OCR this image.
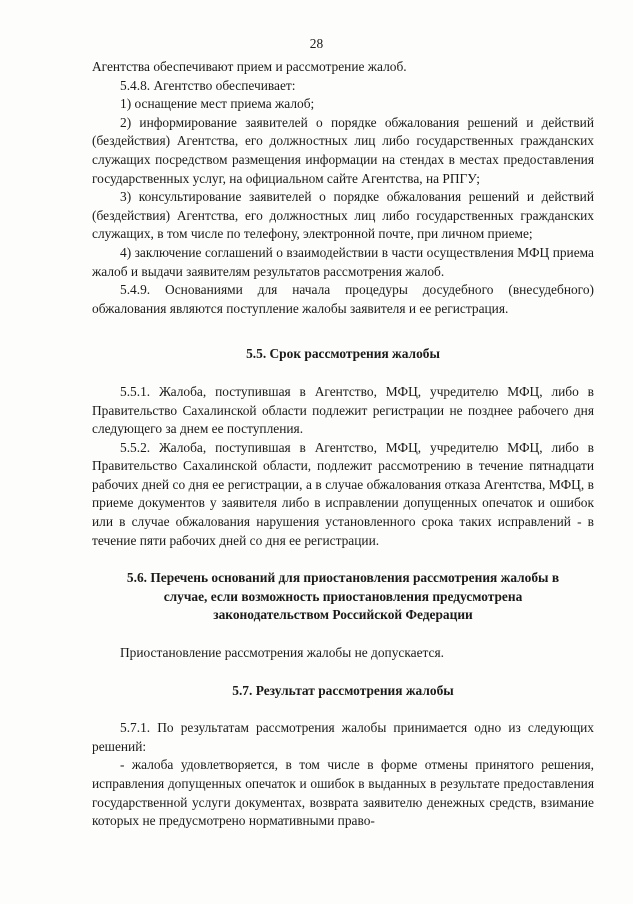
28

Агентства обеспечивают прием и рассмотрение жалоб.

5.4.8. Агентство обеспечивает:

1) оснащение мест приема жалоб;

2) информирование заявителей о порядке обжалования решений и действий (бездействия) Агентства, его должностных лиц либо государственных гражданских служащих посредством размещения информации на стендах в местах предоставления государственных услуг, на официальном сайте Агентства, на РПГУ;

3) консультирование заявителей о порядке обжалования решений и действий (бездействия) Агентства, его должностных лиц либо государственных гражданских служащих, в том числе по телефону, электронной почте, при личном приеме;

4) заключение соглашений о взаимодействии в части осуществления МФЦ приема жалоб и выдачи заявителям результатов рассмотрения жалоб.

5.4.9. Основаниями для начала процедуры досудебного (внесудебного) обжалования являются поступление жалобы заявителя и ее регистрация.

5.5. Срок рассмотрения жалобы

5.5.1. Жалоба, поступившая в Агентство, МФЦ, учредителю МФЦ, либо в Правительство Сахалинской области подлежит регистрации не позднее рабочего дня следующего за днем ее поступления.

5.5.2. Жалоба, поступившая в Агентство, МФЦ, учредителю МФЦ, либо в Правительство Сахалинской области, подлежит рассмотрению в течение пятнадцати рабочих дней со дня ее регистрации, а в случае обжалования отказа Агентства, МФЦ, в приеме документов у заявителя либо в исправлении допущенных опечаток и ошибок или в случае обжалования нарушения установленного срока таких исправлений - в течение пяти рабочих дней со дня ее регистрации.

5.6. Перечень оснований для приостановления рассмотрения жалобы в случае, если возможность приостановления предусмотрена законодательством Российской Федерации

Приостановление рассмотрения жалобы не допускается.

5.7. Результат рассмотрения жалобы

5.7.1. По результатам рассмотрения жалобы принимается одно из следующих решений:

- жалоба удовлетворяется, в том числе в форме отмены принятого решения, исправления допущенных опечаток и ошибок в выданных в результате предоставления государственной услуги документах, возврата заявителю денежных средств, взимание которых не предусмотрено нормативными право-
